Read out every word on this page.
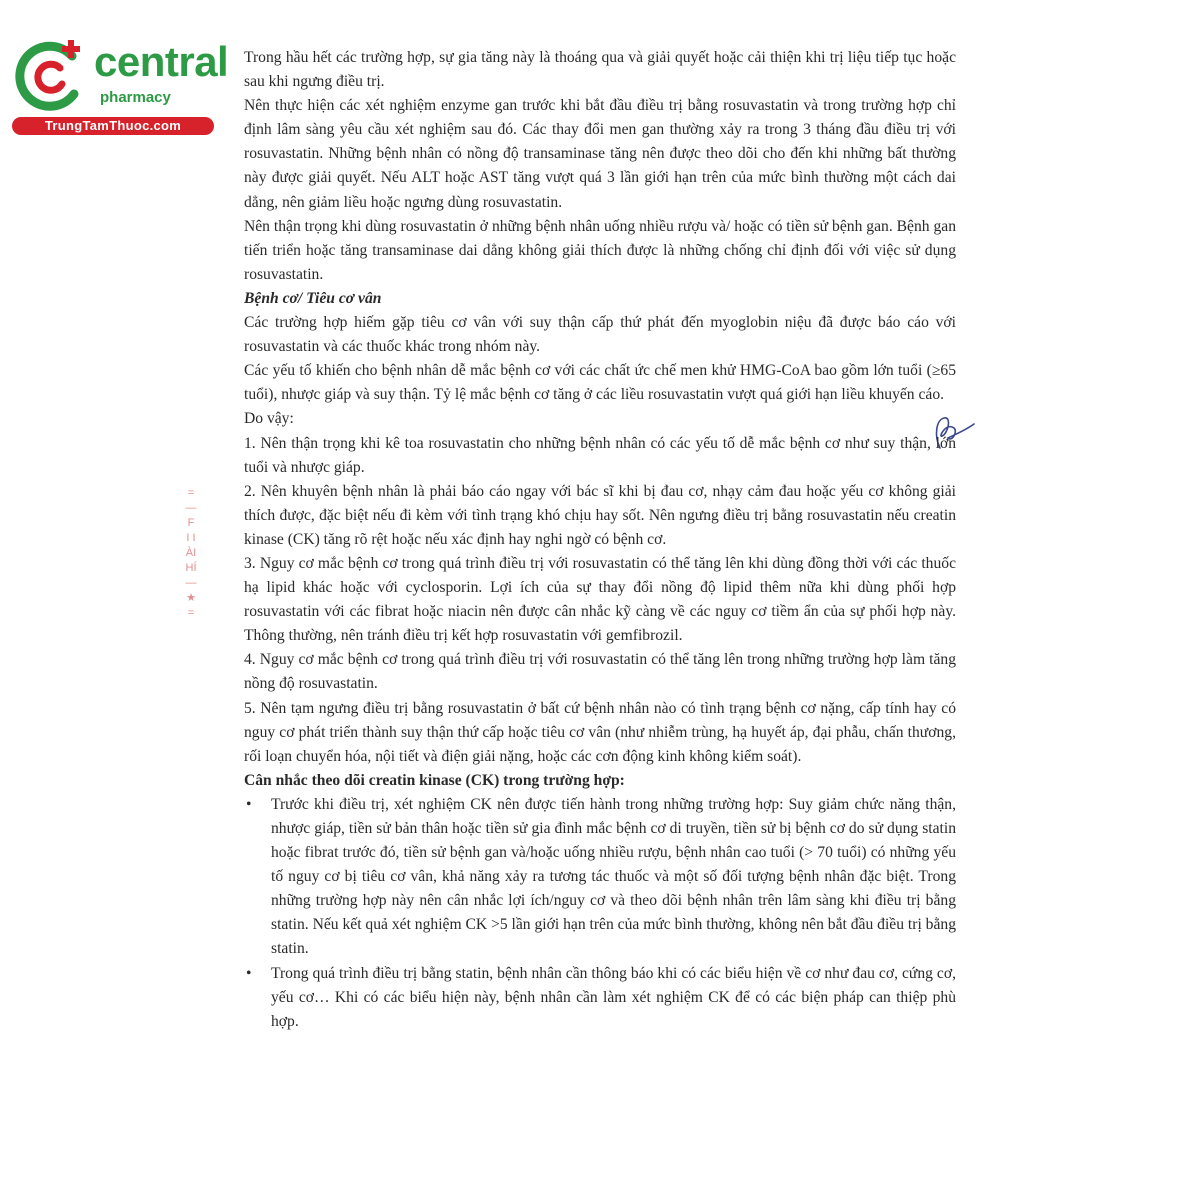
central
pharmacy
TrungTamThuoc.com
=
—
F
I I
ÀI
HÍ
—
★
=

Trong hầu hết các trường hợp, sự gia tăng này là thoáng qua và giải quyết hoặc cải thiện khi trị liệu tiếp tục hoặc sau khi ngưng điều trị.

Nên thực hiện các xét nghiệm enzyme gan trước khi bắt đầu điều trị bằng rosuvastatin và trong trường hợp chỉ định lâm sàng yêu cầu xét nghiệm sau đó. Các thay đổi men gan thường xảy ra trong 3 tháng đầu điều trị với rosuvastatin. Những bệnh nhân có nồng độ transaminase tăng nên được theo dõi cho đến khi những bất thường này được giải quyết. Nếu ALT hoặc AST tăng vượt quá 3 lần giới hạn trên của mức bình thường một cách dai dẳng, nên giảm liều hoặc ngưng dùng rosuvastatin.

Nên thận trọng khi dùng rosuvastatin ở những bệnh nhân uống nhiều rượu và/ hoặc có tiền sử bệnh gan. Bệnh gan tiến triển hoặc tăng transaminase dai dẳng không giải thích được là những chống chỉ định đối với việc sử dụng rosuvastatin.

Bệnh cơ/ Tiêu cơ vân

Các trường hợp hiếm gặp tiêu cơ vân với suy thận cấp thứ phát đến myoglobin niệu đã được báo cáo với rosuvastatin và các thuốc khác trong nhóm này.

Các yếu tố khiến cho bệnh nhân dễ mắc bệnh cơ với các chất ức chế men khử HMG-CoA bao gồm lớn tuổi (≥65 tuổi), nhược giáp và suy thận. Tỷ lệ mắc bệnh cơ tăng ở các liều rosuvastatin vượt quá giới hạn liều khuyến cáo.

Do vậy:

1. Nên thận trọng khi kê toa rosuvastatin cho những bệnh nhân có các yếu tố dễ mắc bệnh cơ như suy thận, lớn tuổi và nhược giáp.

2. Nên khuyên bệnh nhân là phải báo cáo ngay với bác sĩ khi bị đau cơ, nhạy cảm đau hoặc yếu cơ không giải thích được, đặc biệt nếu đi kèm với tình trạng khó chịu hay sốt. Nên ngưng điều trị bằng rosuvastatin nếu creatin kinase (CK) tăng rõ rệt hoặc nếu xác định hay nghi ngờ có bệnh cơ.

3. Nguy cơ mắc bệnh cơ trong quá trình điều trị với rosuvastatin có thể tăng lên khi dùng đồng thời với các thuốc hạ lipid khác hoặc với cyclosporin. Lợi ích của sự thay đổi nồng độ lipid thêm nữa khi dùng phối hợp rosuvastatin với các fibrat hoặc niacin nên được cân nhắc kỹ càng về các nguy cơ tiềm ẩn của sự phối hợp này. Thông thường, nên tránh điều trị kết hợp rosuvastatin với gemfibrozil.

4. Nguy cơ mắc bệnh cơ trong quá trình điều trị với rosuvastatin có thể tăng lên trong những trường hợp làm tăng nồng độ rosuvastatin.

5. Nên tạm ngưng điều trị bằng rosuvastatin ở bất cứ bệnh nhân nào có tình trạng bệnh cơ nặng, cấp tính hay có nguy cơ phát triển thành suy thận thứ cấp hoặc tiêu cơ vân (như nhiễm trùng, hạ huyết áp, đại phẫu, chấn thương, rối loạn chuyển hóa, nội tiết và điện giải nặng, hoặc các cơn động kinh không kiểm soát).

Cân nhắc theo dõi creatin kinase (CK) trong trường hợp:

• Trước khi điều trị, xét nghiệm CK nên được tiến hành trong những trường hợp: Suy giảm chức năng thận, nhược giáp, tiền sử bản thân hoặc tiền sử gia đình mắc bệnh cơ di truyền, tiền sử bị bệnh cơ do sử dụng statin hoặc fibrat trước đó, tiền sử bệnh gan và/hoặc uống nhiều rượu, bệnh nhân cao tuổi (> 70 tuổi) có những yếu tố nguy cơ bị tiêu cơ vân, khả năng xảy ra tương tác thuốc và một số đối tượng bệnh nhân đặc biệt. Trong những trường hợp này nên cân nhắc lợi ích/nguy cơ và theo dõi bệnh nhân trên lâm sàng khi điều trị bằng statin. Nếu kết quả xét nghiệm CK >5 lần giới hạn trên của mức bình thường, không nên bắt đầu điều trị bằng statin.
• Trong quá trình điều trị bằng statin, bệnh nhân cần thông báo khi có các biểu hiện về cơ như đau cơ, cứng cơ, yếu cơ… Khi có các biểu hiện này, bệnh nhân cần làm xét nghiệm CK để có các biện pháp can thiệp phù hợp.
